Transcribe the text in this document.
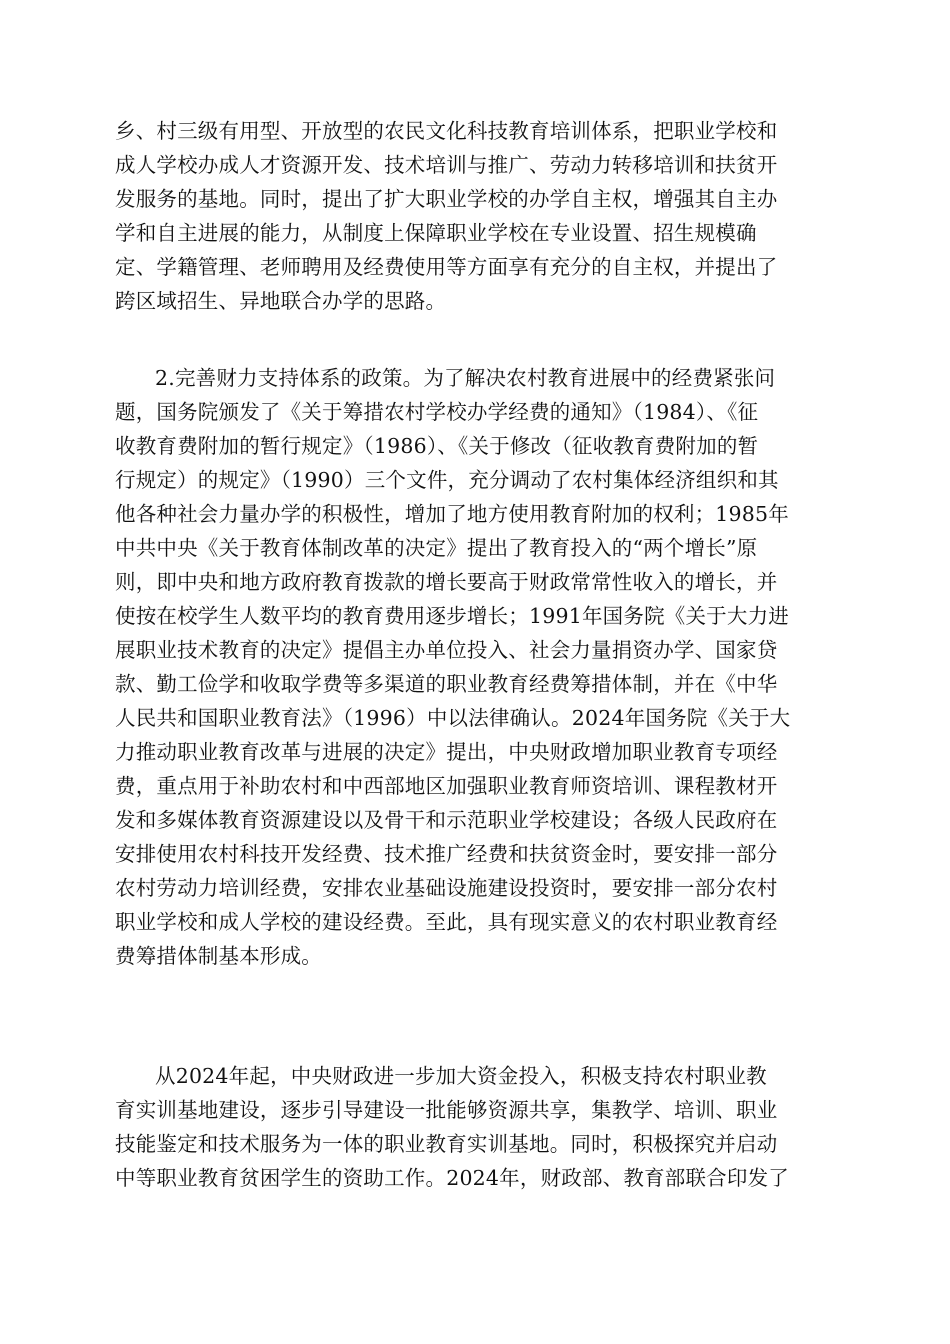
乡、村三级有用型、开放型的农民文化科技教育培训体系，把职业学校和
成人学校办成人才资源开发、技术培训与推广、劳动力转移培训和扶贫开
发服务的基地。同时，提出了扩大职业学校的办学自主权，增强其自主办
学和自主进展的能力，从制度上保障职业学校在专业设置、招生规模确
定、学籍管理、老师聘用及经费使用等方面享有充分的自主权，并提出了
跨区域招生、异地联合办学的思路。
2.完善财力支持体系的政策。为了解决农村教育进展中的经费紧张问
题，国务院颁发了《关于筹措农村学校办学经费的通知》（1984）、《征
收教育费附加的暂行规定》（1986）、《关于修改（征收教育费附加的暂
行规定）的规定》（1990）三个文件，充分调动了农村集体经济组织和其
他各种社会力量办学的积极性，增加了地方使用教育附加的权利；1985年
中共中央《关于教育体制改革的决定》提出了教育投入的“两个增长”原
则，即中央和地方政府教育拨款的增长要高于财政常常性收入的增长，并
使按在校学生人数平均的教育费用逐步增长；1991年国务院《关于大力进
展职业技术教育的决定》提倡主办单位投入、社会力量捐资办学、国家贷
款、勤工俭学和收取学费等多渠道的职业教育经费筹措体制，并在《中华
人民共和国职业教育法》（1996）中以法律确认。2024年国务院《关于大
力推动职业教育改革与进展的决定》提出，中央财政增加职业教育专项经
费，重点用于补助农村和中西部地区加强职业教育师资培训、课程教材开
发和多媒体教育资源建设以及骨干和示范职业学校建设；各级人民政府在
安排使用农村科技开发经费、技术推广经费和扶贫资金时，要安排一部分
农村劳动力培训经费，安排农业基础设施建设投资时，要安排一部分农村
职业学校和成人学校的建设经费。至此，具有现实意义的农村职业教育经
费筹措体制基本形成。
从2024年起，中央财政进一步加大资金投入，积极支持农村职业教
育实训基地建设，逐步引导建设一批能够资源共享，集教学、培训、职业
技能鉴定和技术服务为一体的职业教育实训基地。同时，积极探究并启动
中等职业教育贫困学生的资助工作。2024年，财政部、教育部联合印发了
